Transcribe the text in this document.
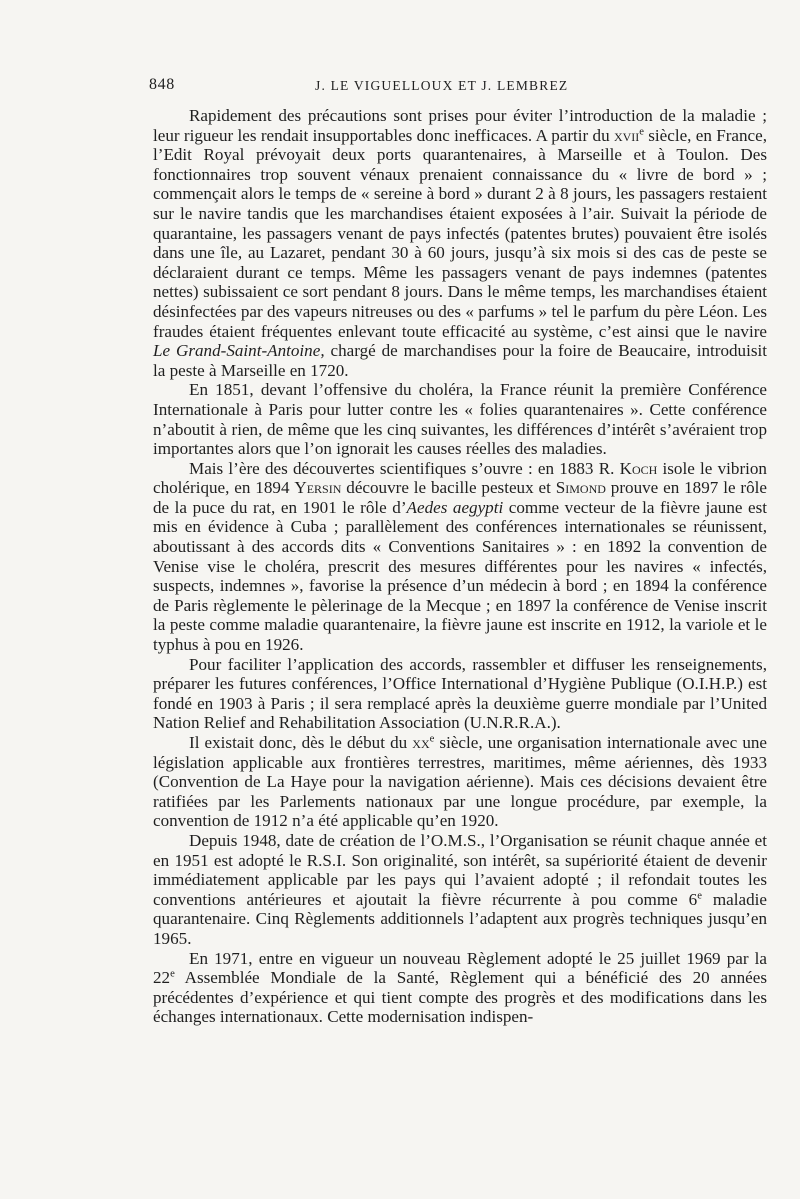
848	J. LE VIGUELLOUX ET J. LEMBREZ

Rapidement des précautions sont prises pour éviter l’introduction de la maladie ; leur rigueur les rendait insupportables donc inefficaces. A partir du xvii$^e$ siècle, en France, l’Edit Royal prévoyait deux ports quarantenaires, à Marseille et à Toulon. Des fonctionnaires trop souvent vénaux prenaient connaissance du « livre de bord » ; commençait alors le temps de « sereine à bord » durant 2 à 8 jours, les passagers restaient sur le navire tandis que les marchandises étaient exposées à l’air. Suivait la période de quarantaine, les passagers venant de pays infectés (patentes brutes) pouvaient être isolés dans une île, au Lazaret, pendant 30 à 60 jours, jusqu’à six mois si des cas de peste se déclaraient durant ce temps. Même les passagers venant de pays indemnes (patentes nettes) subissaient ce sort pendant 8 jours. Dans le même temps, les marchandises étaient désinfectées par des vapeurs nitreuses ou des « parfums » tel le parfum du père Léon. Les fraudes étaient fréquentes enlevant toute efficacité au système, c’est ainsi que le navire Le Grand-Saint-Antoine, chargé de marchandises pour la foire de Beaucaire, introduisit la peste à Marseille en 1720.

En 1851, devant l’offensive du choléra, la France réunit la première Conférence Internationale à Paris pour lutter contre les « folies quarantenaires ». Cette conférence n’aboutit à rien, de même que les cinq suivantes, les différences d’intérêt s’avéraient trop importantes alors que l’on ignorait les causes réelles des maladies.

Mais l’ère des découvertes scientifiques s’ouvre : en 1883 R. Koch isole le vibrion cholérique, en 1894 Yersin découvre le bacille pesteux et Simond prouve en 1897 le rôle de la puce du rat, en 1901 le rôle d’Aedes aegypti comme vecteur de la fièvre jaune est mis en évidence à Cuba ; parallèlement des conférences internationales se réunissent, aboutissant à des accords dits « Conventions Sanitaires » : en 1892 la convention de Venise vise le choléra, prescrit des mesures différentes pour les navires « infectés, suspects, indemnes », favorise la présence d’un médecin à bord ; en 1894 la conférence de Paris règlemente le pèlerinage de la Mecque ; en 1897 la conférence de Venise inscrit la peste comme maladie quarantenaire, la fièvre jaune est inscrite en 1912, la variole et le typhus à pou en 1926.

Pour faciliter l’application des accords, rassembler et diffuser les renseignements, préparer les futures conférences, l’Office International d’Hygiène Publique (O.I.H.P.) est fondé en 1903 à Paris ; il sera remplacé après la deuxième guerre mondiale par l’United Nation Relief and Rehabilitation Association (U.N.R.R.A.).

Il existait donc, dès le début du $xx^e$ siècle, une organisation internationale avec une législation applicable aux frontières terrestres, maritimes, même aériennes, dès 1933 (Convention de La Haye pour la navigation aérienne). Mais ces décisions devaient être ratifiées par les Parlements nationaux par une longue procédure, par exemple, la convention de 1912 n’a été applicable qu’en 1920.

Depuis 1948, date de création de l’O.M.S., l’Organisation se réunit chaque année et en 1951 est adopté le R.S.I. Son originalité, son intérêt, sa supériorité étaient de devenir immédiatement applicable par les pays qui l’avaient adopté ; il refondait toutes les conventions antérieures et ajoutait la fièvre récurrente à pou comme 6e maladie quarantenaire. Cinq Règlements additionnels l’adaptent aux progrès techniques jusqu’en 1965.

En 1971, entre en vigueur un nouveau Règlement adopté le 25 juillet 1969 par la 22e Assemblée Mondiale de la Santé, Règlement qui a bénéficié des 20 années précédentes d’expérience et qui tient compte des progrès et des modifications dans les échanges internationaux. Cette modernisation indispen-
